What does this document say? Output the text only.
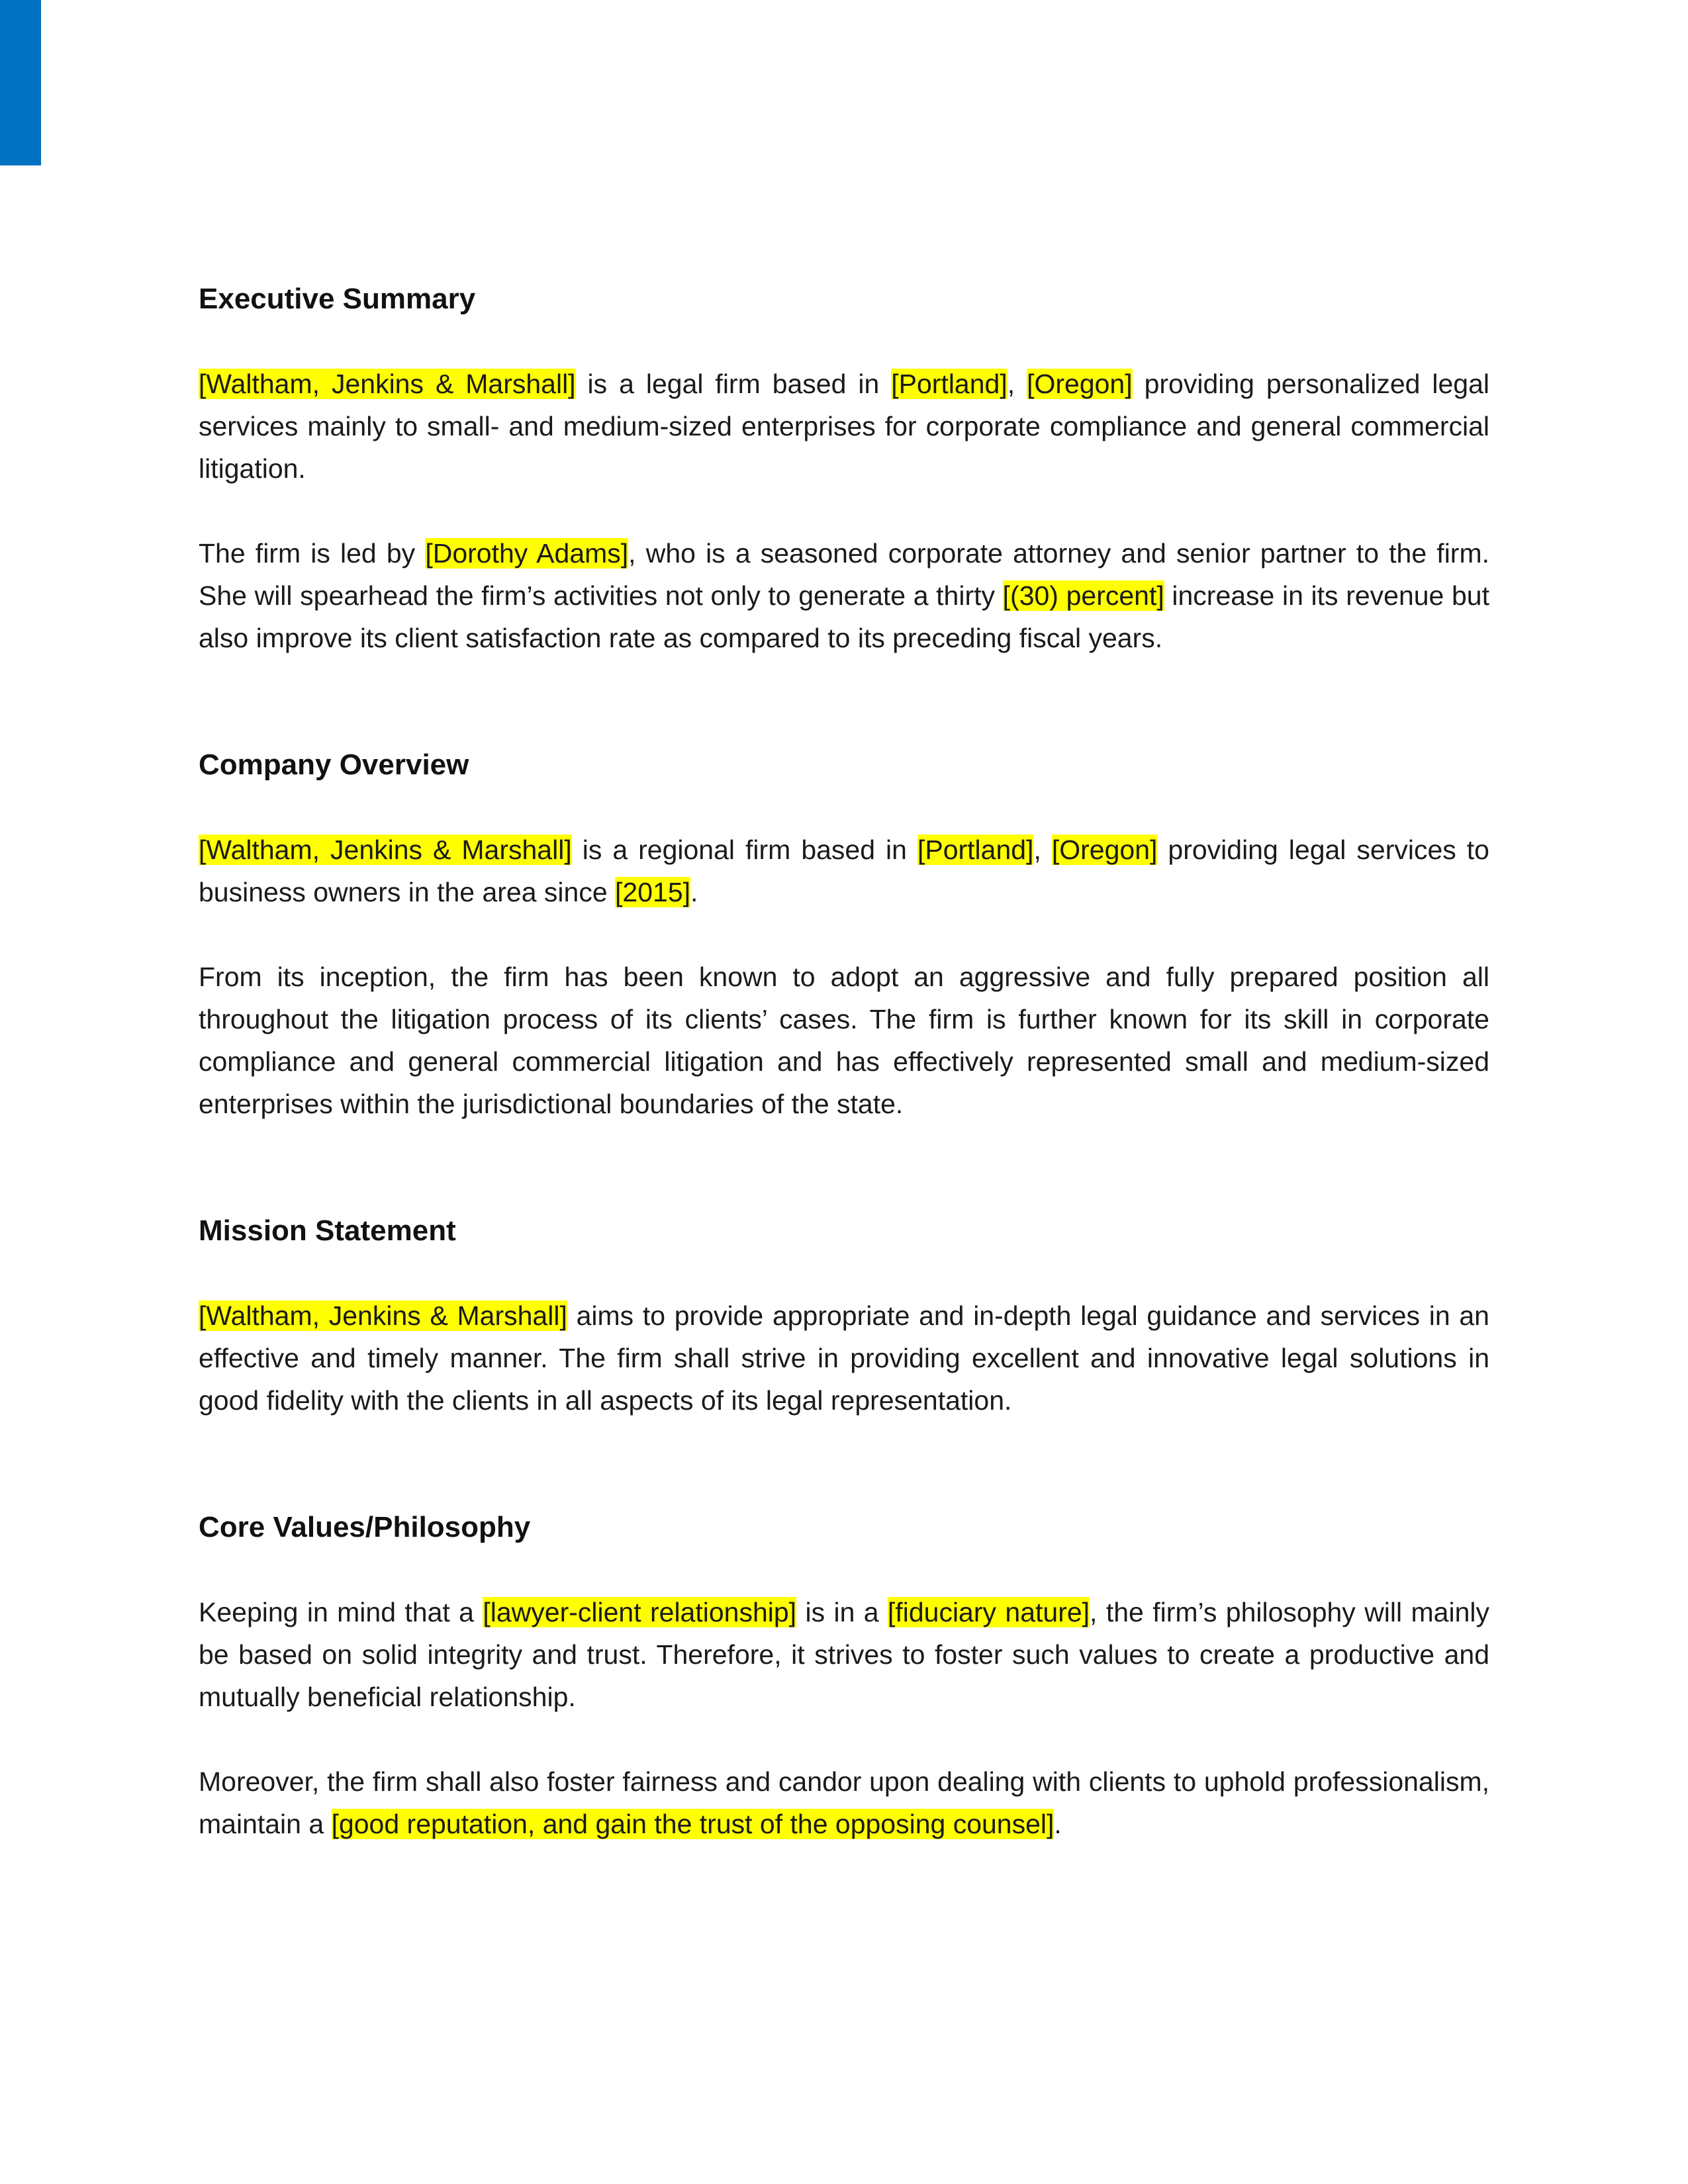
Executive Summary

[Waltham, Jenkins & Marshall] is a legal firm based in [Portland], [Oregon] providing personalized legal services mainly to small- and medium-sized enterprises for corporate compliance and general commercial litigation.

The firm is led by [Dorothy Adams], who is a seasoned corporate attorney and senior partner to the firm. She will spearhead the firm’s activities not only to generate a thirty [(30) percent] increase in its revenue but also improve its client satisfaction rate as compared to its preceding fiscal years.

Company Overview

[Waltham, Jenkins & Marshall] is a regional firm based in [Portland], [Oregon] providing legal services to business owners in the area since [2015].

From its inception, the firm has been known to adopt an aggressive and fully prepared position all throughout the litigation process of its clients’ cases. The firm is further known for its skill in corporate compliance and general commercial litigation and has effectively represented small and medium-sized enterprises within the jurisdictional boundaries of the state.

Mission Statement

[Waltham, Jenkins & Marshall] aims to provide appropriate and in-depth legal guidance and services in an effective and timely manner. The firm shall strive in providing excellent and innovative legal solutions in good fidelity with the clients in all aspects of its legal representation.

Core Values/Philosophy

Keeping in mind that a [lawyer-client relationship] is in a [fiduciary nature], the firm’s philosophy will mainly be based on solid integrity and trust. Therefore, it strives to foster such values to create a productive and mutually beneficial relationship.

Moreover, the firm shall also foster fairness and candor upon dealing with clients to uphold professionalism, maintain a [good reputation, and gain the trust of the opposing counsel].
